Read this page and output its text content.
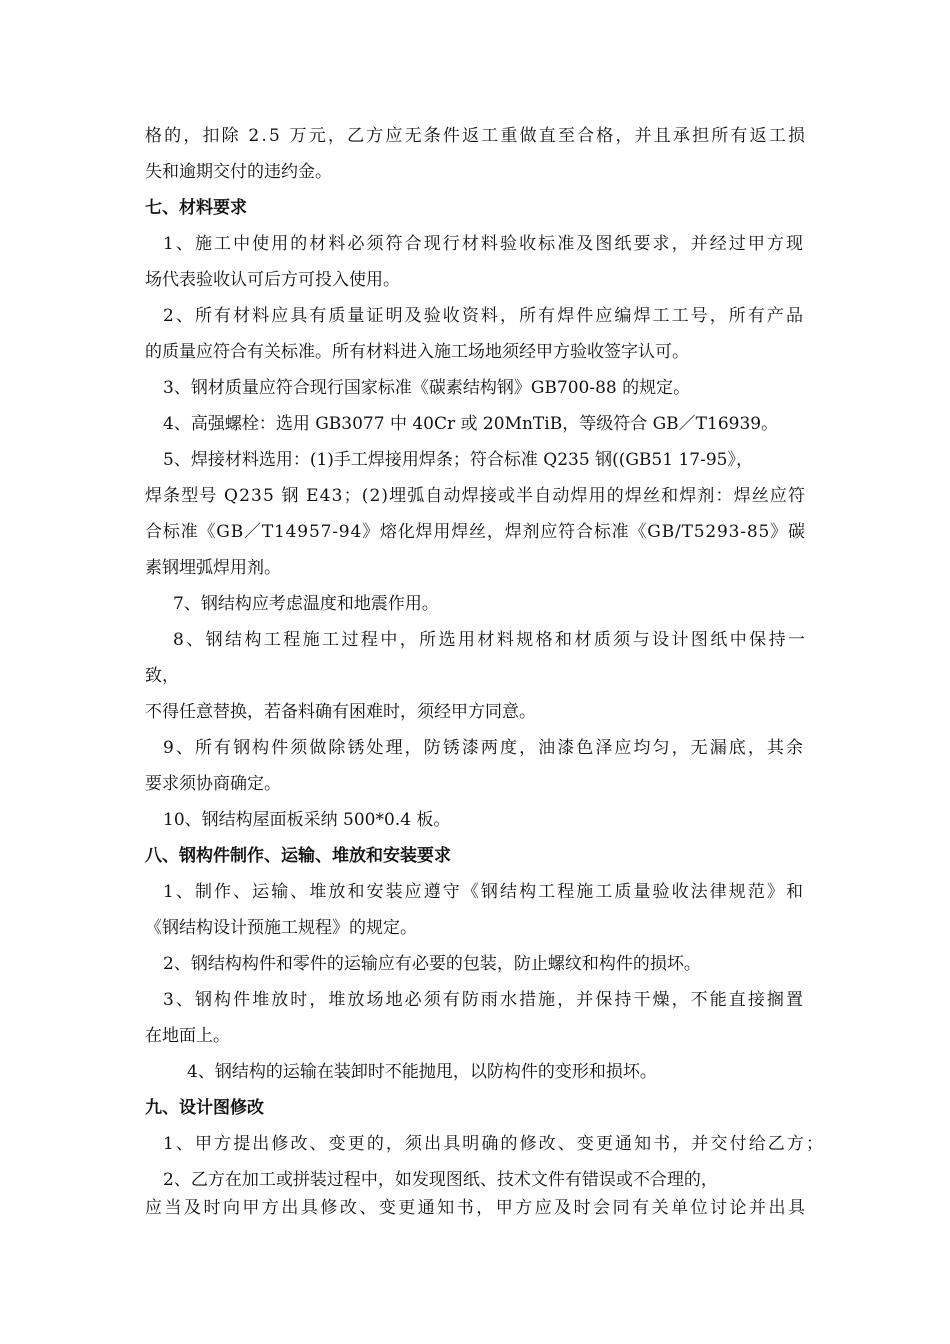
格的，扣除 2.5 万元，乙方应无条件返工重做直至合格，并且承担所有返工损
失和逾期交付的违约金。
七、材料要求
1、施工中使用的材料必须符合现行材料验收标准及图纸要求，并经过甲方现
场代表验收认可后方可投入使用。
2、所有材料应具有质量证明及验收资料，所有焊件应编焊工工号，所有产品
的质量应符合有关标准。所有材料进入施工场地须经甲方验收签字认可。
3、钢材质量应符合现行国家标准《碳素结构钢》GB700-88 的规定。
4、高强螺栓：选用 GB3077 中 40Cr 或 20MnTiB，等级符合 GB／T16939。
5、焊接材料选用：(1)手工焊接用焊条；符合标准 Q235 钢((GB51 17-95》，
焊条型号 Q235 钢 E43；(2)埋弧自动焊接或半自动焊用的焊丝和焊剂：焊丝应符
合标准《GB／T14957-94》熔化焊用焊丝，焊剂应符合标准《GB/T5293-85》碳
素钢埋弧焊用剂。
7、钢结构应考虑温度和地震作用。
8、钢结构工程施工过程中，所选用材料规格和材质须与设计图纸中保持一
致，
不得任意替换，若备料确有困难时，须经甲方同意。
9、所有钢构件须做除锈处理，防锈漆两度，油漆色泽应均匀，无漏底，其余
要求须协商确定。
10、钢结构屋面板采纳 500*0.4 板。
八、钢构件制作、运输、堆放和安装要求
1、制作、运输、堆放和安装应遵守《钢结构工程施工质量验收法律规范》和
《钢结构设计预施工规程》的规定。
2、钢结构构件和零件的运输应有必要的包装，防止螺纹和构件的损坏。
3、钢构件堆放时，堆放场地必须有防雨水措施，并保持干燥，不能直接搁置
在地面上。
4、钢结构的运输在装卸时不能抛甩，以防构件的变形和损坏。
九、设计图修改
1、甲方提出修改、变更的，须出具明确的修改、变更通知书，并交付给乙方；
2、乙方在加工或拼装过程中，如发现图纸、技术文件有错误或不合理的，
应当及时向甲方出具修改、变更通知书，甲方应及时会同有关单位讨论并出具
